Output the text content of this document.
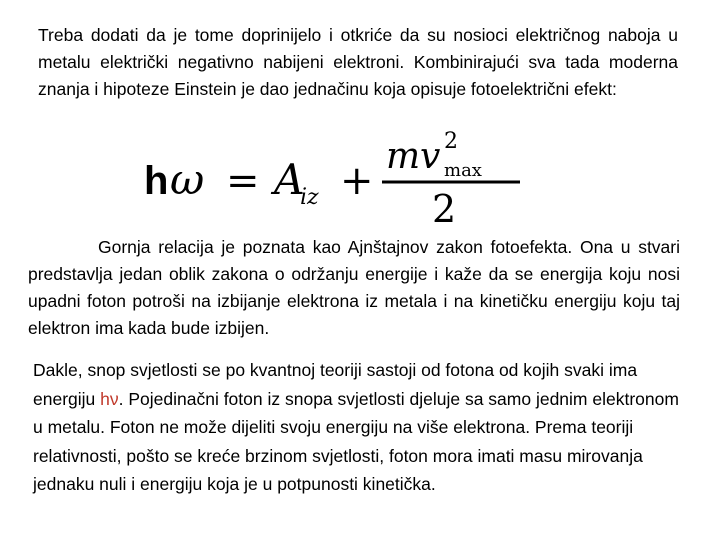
Treba dodati da je tome doprinijelo i otkriće da su nosioci električnog naboja u metalu električki negativno nabijeni elektroni. Kombinirajući sva tada moderna znanja i hipoteze Einstein je dao jednačinu koja opisuje fotoelektrični efekt:

h ω = A
iz +
m v 2
max
2

Gornja relacija je poznata kao Ajnštajnov zakon fotoefekta. Ona u stvari predstavlja jedan oblik zakona o održanju energije i kaže da se energija koju nosi upadni foton potroši na izbijanje elektrona iz metala i na kinetičku energiju koju taj elektron ima kada bude izbijen.

Dakle, snop svjetlosti se po kvantnoj teoriji sastoji od fotona od kojih svaki ima energiju hν. Pojedinačni foton iz snopa svjetlosti djeluje sa samo jednim elektronom u metalu. Foton ne može dijeliti svoju energiju na više elektrona. Prema teoriji relativnosti, pošto se kreće brzinom svjetlosti, foton mora imati masu mirovanja jednaku nuli i energiju koja je u potpunosti kinetička.
